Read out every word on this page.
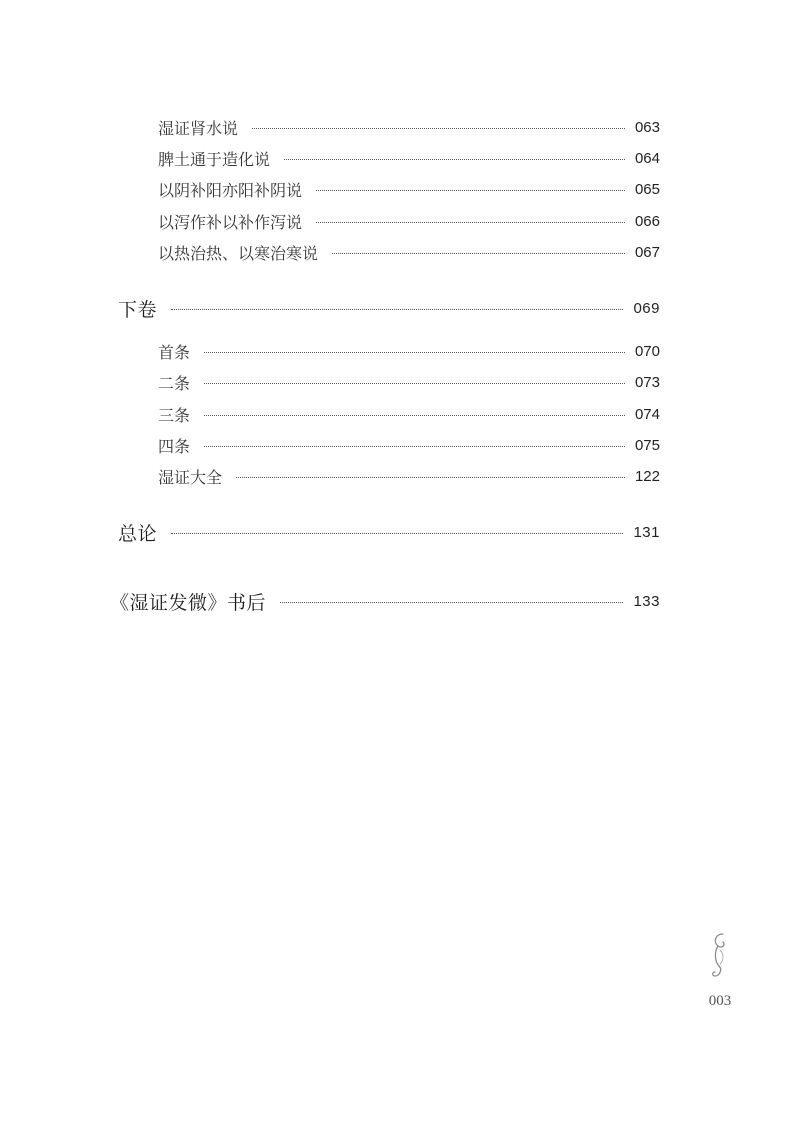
湿证肾水说	063
脾土通于造化说	064
以阴补阳亦阳补阴说	065
以泻作补以补作泻说	066
以热治热、以寒治寒说	067
下卷	069
首条	070
二条	073
三条	074
四条	075
湿证大全	122
总论	131
《湿证发微》书后	133
003
